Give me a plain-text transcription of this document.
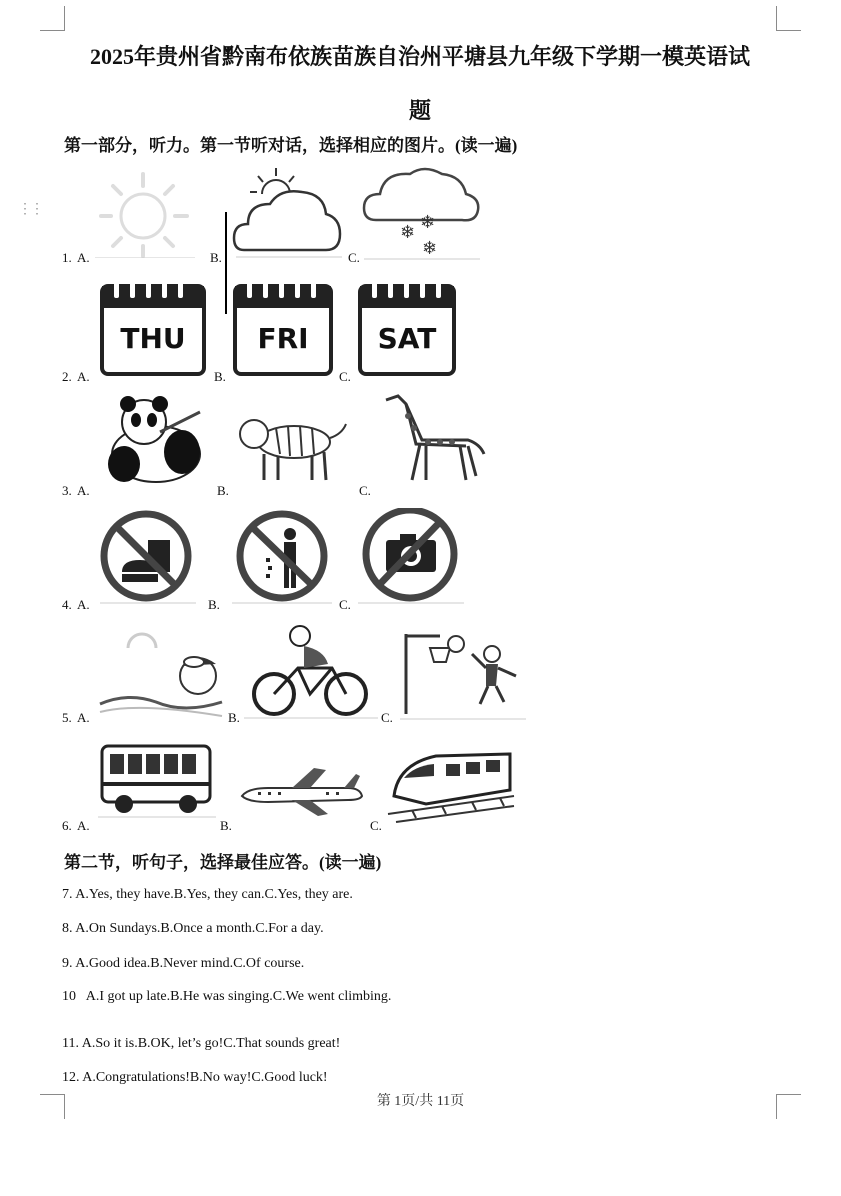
⋮⋮
2025年贵州省黔南布依族苗族自治州平塘县九年级下学期一模英语试
题
第一部分，听力。第一节听对话，选择相应的图片。(读一遍)
1. A.	B.	C.
❄ ❄
❄
2. A.
THU
B.
FRI
C.
SAT
3. A.	B.	C.
4. A.	B.	C.
5. A.	B.	C.
6. A.	B.	C.
第二节，听句子，选择最佳应答。(读一遍)
7. A.Yes, they have.B.Yes, they can.C.Yes, they are.
8. A.On Sundays.B.Once a month.C.For a day.
9. A.Good idea.B.Never mind.C.Of course.
10   A.I got up late.B.He was singing.C.We went climbing.
11. A.So it is.B.OK, let’s go!C.That sounds great!
12. A.Congratulations!B.No way!C.Good luck!
第 1页/共 11页
